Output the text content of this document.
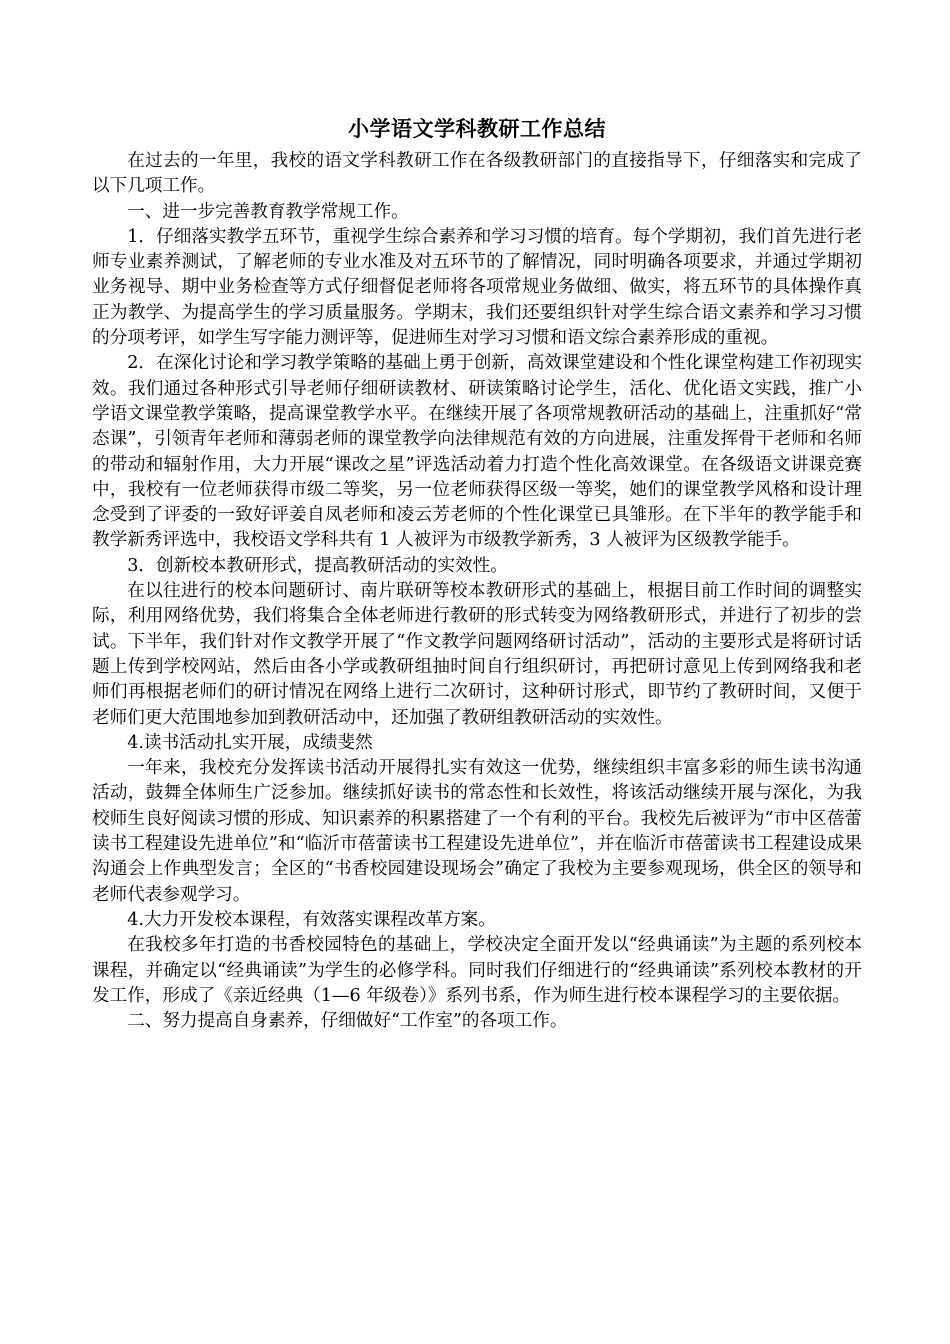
小学语文学科教研工作总结

在过去的一年里，我校的语文学科教研工作在各级教研部门的直接指导下，仔细落实和完成了以下几项工作。

一、进一步完善教育教学常规工作。

1．仔细落实教学五环节，重视学生综合素养和学习习惯的培育。每个学期初，我们首先进行老师专业素养测试，了解老师的专业水准及对五环节的了解情况，同时明确各项要求，并通过学期初业务视导、期中业务检查等方式仔细督促老师将各项常规业务做细、做实，将五环节的具体操作真正为教学、为提高学生的学习质量服务。学期末，我们还要组织针对学生综合语文素养和学习习惯的分项考评，如学生写字能力测评等，促进师生对学习习惯和语文综合素养形成的重视。

2．在深化讨论和学习教学策略的基础上勇于创新，高效课堂建设和个性化课堂构建工作初现实效。我们通过各种形式引导老师仔细研读教材、研读策略讨论学生，活化、优化语文实践，推广小学语文课堂教学策略，提高课堂教学水平。在继续开展了各项常规教研活动的基础上，注重抓好“常态课”，引领青年老师和薄弱老师的课堂教学向法律规范有效的方向进展，注重发挥骨干老师和名师的带动和辐射作用，大力开展“课改之星”评选活动着力打造个性化高效课堂。在各级语文讲课竞赛中，我校有一位老师获得市级二等奖，另一位老师获得区级一等奖，她们的课堂教学风格和设计理念受到了评委的一致好评姜自凤老师和凌云芳老师的个性化课堂已具雏形。在下半年的教学能手和教学新秀评选中，我校语文学科共有 1 人被评为市级教学新秀，3 人被评为区级教学能手。

3．创新校本教研形式，提高教研活动的实效性。

在以往进行的校本问题研讨、南片联研等校本教研形式的基础上，根据目前工作时间的调整实际，利用网络优势，我们将集合全体老师进行教研的形式转变为网络教研形式，并进行了初步的尝试。下半年，我们针对作文教学开展了“作文教学问题网络研讨活动”，活动的主要形式是将研讨话题上传到学校网站，然后由各小学或教研组抽时间自行组织研讨，再把研讨意见上传到网络我和老师们再根据老师们的研讨情况在网络上进行二次研讨，这种研讨形式，即节约了教研时间，又便于老师们更大范围地参加到教研活动中，还加强了教研组教研活动的实效性。

4.读书活动扎实开展，成绩斐然

一年来，我校充分发挥读书活动开展得扎实有效这一优势，继续组织丰富多彩的师生读书沟通活动，鼓舞全体师生广泛参加。继续抓好读书的常态性和长效性，将该活动继续开展与深化，为我校师生良好阅读习惯的形成、知识素养的积累搭建了一个有利的平台。我校先后被评为“市中区蓓蕾读书工程建设先进单位”和“临沂市蓓蕾读书工程建设先进单位”，并在临沂市蓓蕾读书工程建设成果沟通会上作典型发言；全区的“书香校园建设现场会”确定了我校为主要参观现场，供全区的领导和老师代表参观学习。

4.大力开发校本课程，有效落实课程改革方案。

在我校多年打造的书香校园特色的基础上，学校决定全面开发以“经典诵读”为主题的系列校本课程，并确定以“经典诵读”为学生的必修学科。同时我们仔细进行的“经典诵读”系列校本教材的开发工作，形成了《亲近经典（1—6 年级卷）》系列书系，作为师生进行校本课程学习的主要依据。

二、努力提高自身素养，仔细做好“工作室”的各项工作。
